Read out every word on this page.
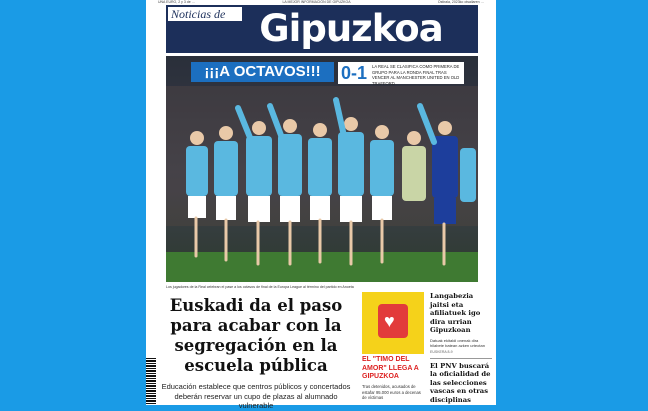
UNA EURO, 2 y 3 de …	LA MEJOR INFORMACIÓN DE GIPUZKOA	Ostirala, 2023ko otsailaren …
Gipuzkoa
Noticias de
¡¡¡A OCTAVOS!!!	0-1 LA REAL SE CLASIFICA COMO PRIMERA DE GRUPO PARA LA RONDA FINAL TRAS VENCER AL MANCHESTER UNITED EN OLD TRAFFORD
Los jugadores de la Real celebran el pase a los octavos de final de la Europa League al término del partido en Anoeta
Euskadi da el paso para acabar con la segregación en la escuela pública
Educación establece que centros públicos y concertados deberán reservar un cupo de plazas al alumnado vulnerable
♥
EL "TIMO DEL AMOR" LLEGA A GIPUZKOA
Tras detenidos, acusados de estafar 95.000 euros a decenas de víctimas
Langabezia jaitsi eta afiliatuek igo dira urrian Gipuzkoan
Datuak ekitaldi onenak dira hilabete batean azken urteotan
EUSKERA 8-9
El PNV buscará la oficialidad de las selecciones vascas en otras disciplinas
